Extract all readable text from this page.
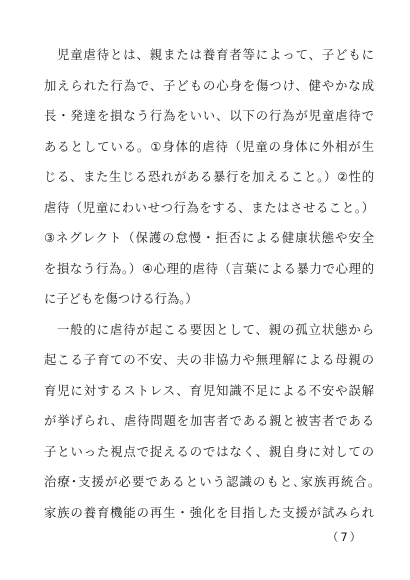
児童虐待とは、親または養育者等によって、子どもに
加えられた行為で、子どもの心身を傷つけ、健やかな成
長・発達を損なう行為をいい、以下の行為が児童虐待で
あるとしている。①身体的虐待（児童の身体に外相が生
じる、また生じる恐れがある暴行を加えること。）②性的
虐待（児童にわいせつ行為をする、またはさせること。）
③ネグレクト（保護の怠慢・拒否による健康状態や安全
を損なう行為。）④心理的虐待（言葉による暴力で心理的
に子どもを傷つける行為。）
一般的に虐待が起こる要因として、親の孤立状態から
起こる子育ての不安、夫の非協力や無理解による母親の
育児に対するストレス、育児知識不足による不安や誤解
が挙げられ、虐待問題を加害者である親と被害者である
子といった視点で捉えるのではなく、親自身に対しての
治療･支援が必要であるという認識のもと､家族再統合｡
家族の養育機能の再生・強化を目指した支援が試みられ
（7）
